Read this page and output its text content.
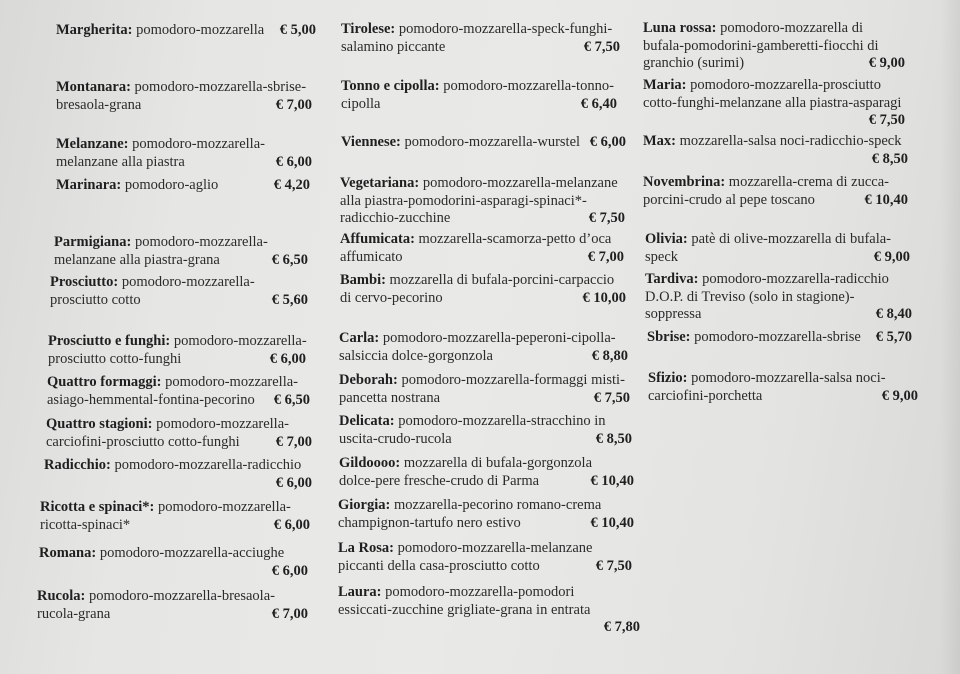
Margherita: pomodoro-mozzarella € 5,00
Montanara: pomodoro-mozzarella-sbrise-
bresaola-grana	€ 7,00
Melanzane: pomodoro-mozzarella-
melanzane alla piastra	€ 6,00
Marinara: pomodoro-aglio	€ 4,20
Parmigiana: pomodoro-mozzarella-
melanzane alla piastra-grana	€ 6,50
Prosciutto: pomodoro-mozzarella-
prosciutto cotto	€ 5,60
Prosciutto e funghi: pomodoro-mozzarella-
prosciutto cotto-funghi	€ 6,00
Quattro formaggi: pomodoro-mozzarella-
asiago-hemmental-fontina-pecorino € 6,50
Quattro stagioni: pomodoro-mozzarella-
carciofini-prosciutto cotto-funghi € 7,00
Radicchio: pomodoro-mozzarella-radicchio

€ 6,00
Ricotta e spinaci*: pomodoro-mozzarella-
ricotta-spinaci*	€ 6,00
Romana: pomodoro-mozzarella-acciughe

€ 6,00
Rucola: pomodoro-mozzarella-bresaola-
rucola-grana	€ 7,00
Tirolese: pomodoro-mozzarella-speck-funghi-
salamino piccante	€ 7,50
Tonno e cipolla: pomodoro-mozzarella-tonno-
cipolla	€ 6,40
Viennese: pomodoro-mozzarella-wurstel € 6,00
Vegetariana: pomodoro-mozzarella-melanzane
alla piastra-pomodorini-asparagi-spinaci*-
radicchio-zucchine	€ 7,50
Affumicata: mozzarella-scamorza-petto d’oca
affumicato	€ 7,00
Bambi: mozzarella di bufala-porcini-carpaccio
di cervo-pecorino	€ 10,00
Carla: pomodoro-mozzarella-peperoni-cipolla-
salsiccia dolce-gorgonzola	€ 8,80
Deborah: pomodoro-mozzarella-formaggi misti-
pancetta nostrana	€ 7,50
Delicata: pomodoro-mozzarella-stracchino in
uscita-crudo-rucola	€ 8,50
Gildoooo: mozzarella di bufala-gorgonzola
dolce-pere fresche-crudo di Parma	€ 10,40
Giorgia: mozzarella-pecorino romano-crema
champignon-tartufo nero estivo	€ 10,40
La Rosa: pomodoro-mozzarella-melanzane
piccanti della casa-prosciutto cotto	€ 7,50
Laura: pomodoro-mozzarella-pomodori
essiccati-zucchine grigliate-grana in entrata

€ 7,80
Luna rossa: pomodoro-mozzarella di
bufala-pomodorini-gamberetti-fiocchi di
granchio (surimi)	€ 9,00
Maria: pomodoro-mozzarella-prosciutto
cotto-funghi-melanzane alla piastra-asparagi

€ 7,50
Max: mozzarella-salsa noci-radicchio-speck

€ 8,50
Novembrina: mozzarella-crema di zucca-
porcini-crudo al pepe toscano	€ 10,40
Olivia: patè di olive-mozzarella di bufala-
speck	€ 9,00
Tardiva: pomodoro-mozzarella-radicchio
D.O.P. di Treviso (solo in stagione)-
soppressa	€ 8,40
Sbrise: pomodoro-mozzarella-sbrise € 5,70
Sfizio: pomodoro-mozzarella-salsa noci-
carciofini-porchetta	€ 9,00
